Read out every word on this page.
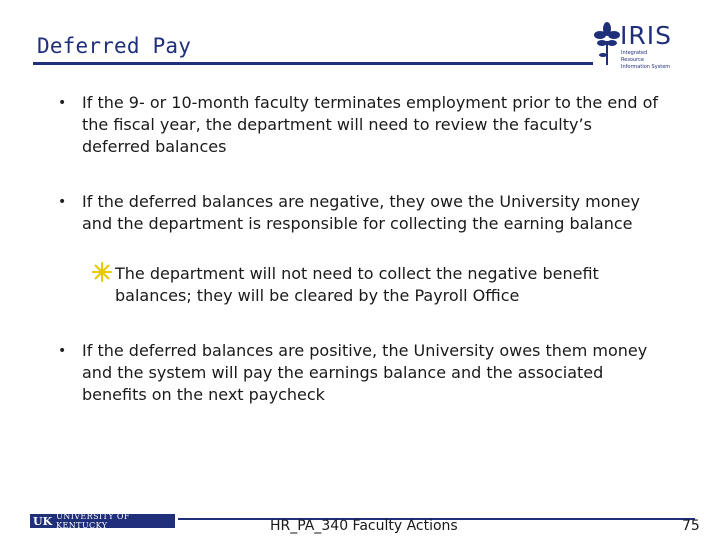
Deferred Pay	IRIS
Integrated Resource Information System
• If the 9- or 10-month faculty terminates employment prior to the end of the fiscal year, the department will need to review the faculty’s deferred balances
• If the deferred balances are negative, they owe the University money and the department is responsible for collecting the earning balance
The department will not need to collect the negative benefit balances; they will be cleared by the Payroll Office
• If the deferred balances are positive, the University owes them money and the system will pay the earnings balance and the associated benefits on the next paycheck
UK UNIVERSITY OF KENTUCKY	HR_PA_340 Faculty Actions	75
